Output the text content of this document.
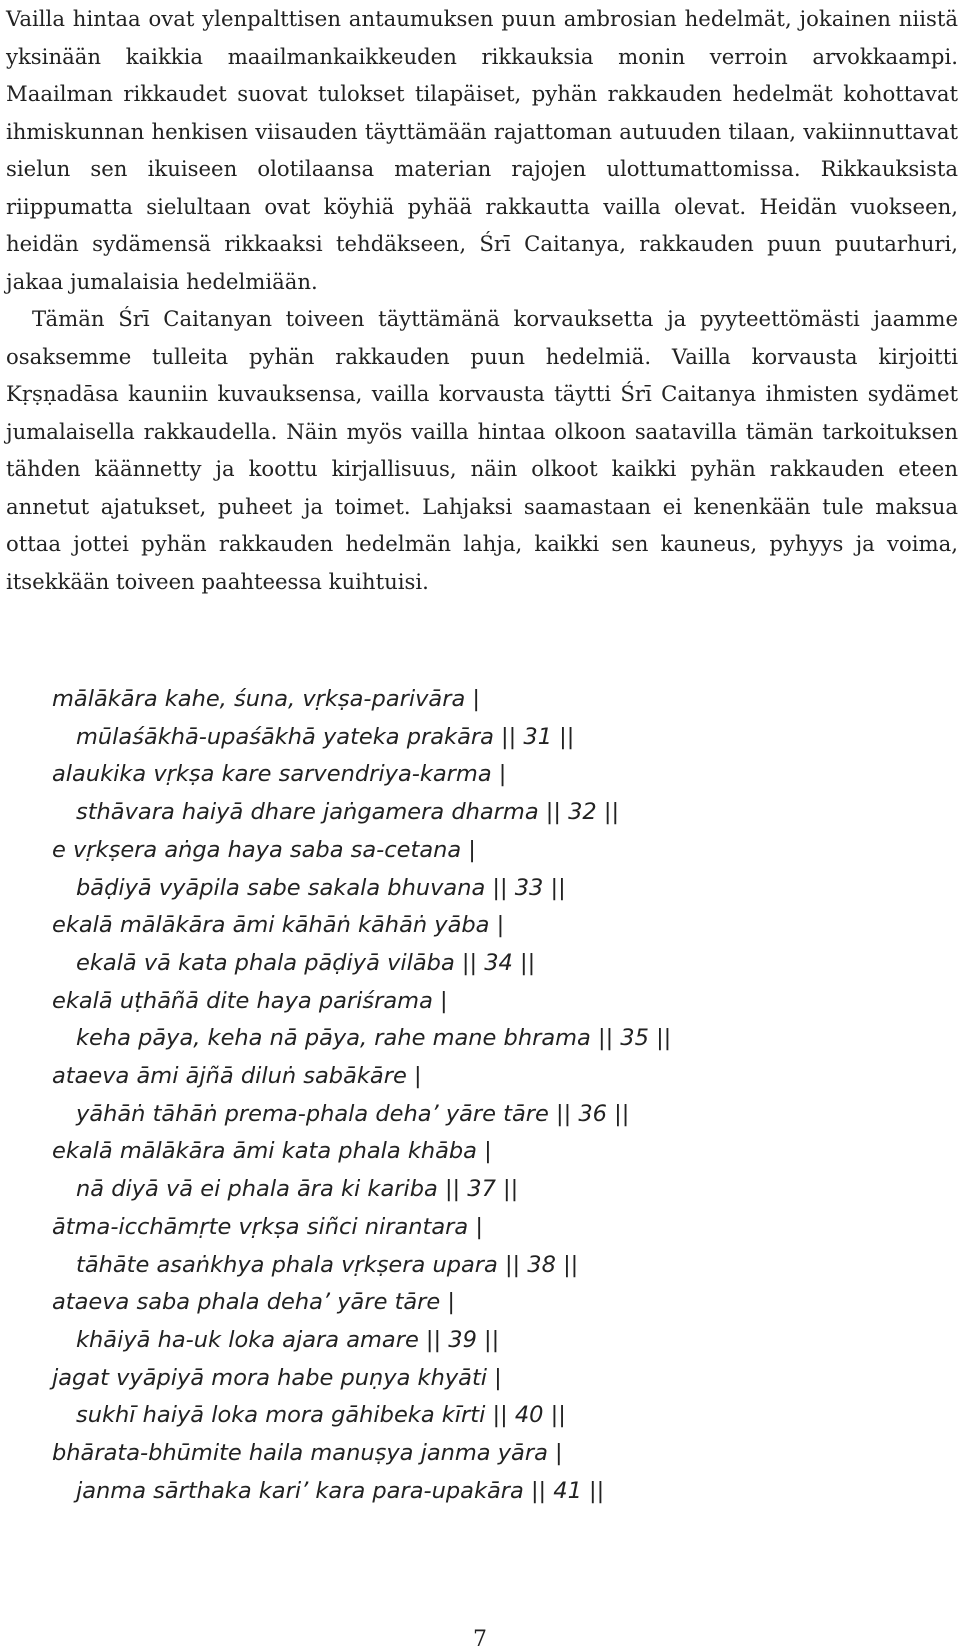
Vailla hintaa ovat ylenpalttisen antaumuksen puun ambrosian hedelmät, jokainen niistä yksinään kaikkia maailmankaikkeuden rikkauksia monin verroin arvokkaampi. Maailman rikkaudet suovat tulokset tilapäiset, pyhän rakkauden hedelmät kohottavat ihmiskunnan henkisen viisauden täyttämään rajattoman autuuden tilaan, vakiinnuttavat sielun sen ikuiseen olotilaansa materian rajojen ulottumattomissa. Rikkauksista riippumatta sielultaan ovat köyhiä pyhää rakkautta vailla olevat. Heidän vuokseen, heidän sydämensä rikkaaksi tehdäkseen, Śrī Caitanya, rakkauden puun puutarhuri, jakaa jumalaisia hedelmiään.

Tämän Śrī Caitanyan toiveen täyttämänä korvauksetta ja pyyteettömästi jaamme osaksemme tulleita pyhän rakkauden puun hedelmiä. Vailla korvausta kirjoitti Kṛṣṇadāsa kauniin kuvauksensa, vailla korvausta täytti Śrī Caitanya ihmisten sydämet jumalaisella rakkaudella. Näin myös vailla hintaa olkoon saatavilla tämän tarkoituksen tähden käännetty ja koottu kirjallisuus, näin olkoot kaikki pyhän rakkauden eteen annetut ajatukset, puheet ja toimet. Lahjaksi saamastaan ei kenenkään tule maksua ottaa jottei pyhän rakkauden hedelmän lahja, kaikki sen kauneus, pyhyys ja voima, itsekkään toiveen paahteessa kuihtuisi.

mālākāra kahe, śuna, vṛkṣa-parivāra |
mūlaśākhā-upaśākhā yateka prakāra || 31 ||
alaukika vṛkṣa kare sarvendriya-karma |
sthāvara haiyā dhare jaṅgamera dharma || 32 ||
e vṛkṣera aṅga haya saba sa-cetana |
bāḍiyā vyāpila sabe sakala bhuvana || 33 ||
ekalā mālākāra āmi kāhāṅ kāhāṅ yāba |
ekalā vā kata phala pāḍiyā vilāba || 34 ||
ekalā uṭhāñā dite haya pariśrama |
keha pāya, keha nā pāya, rahe mane bhrama || 35 ||
ataeva āmi ājñā diluṅ sabākāre |
yāhāṅ tāhāṅ prema-phala deha’ yāre tāre || 36 ||
ekalā mālākāra āmi kata phala khāba |
nā diyā vā ei phala āra ki kariba || 37 ||
ātma-icchāmṛte vṛkṣa siñci nirantara |
tāhāte asaṅkhya phala vṛkṣera upara || 38 ||
ataeva saba phala deha’ yāre tāre |
khāiyā ha-uk loka ajara amare || 39 ||
jagat vyāpiyā mora habe puṇya khyāti |
sukhī haiyā loka mora gāhibeka kīrti || 40 ||
bhārata-bhūmite haila manuṣya janma yāra |
janma sārthaka kari’ kara para-upakāra || 41 ||
7
